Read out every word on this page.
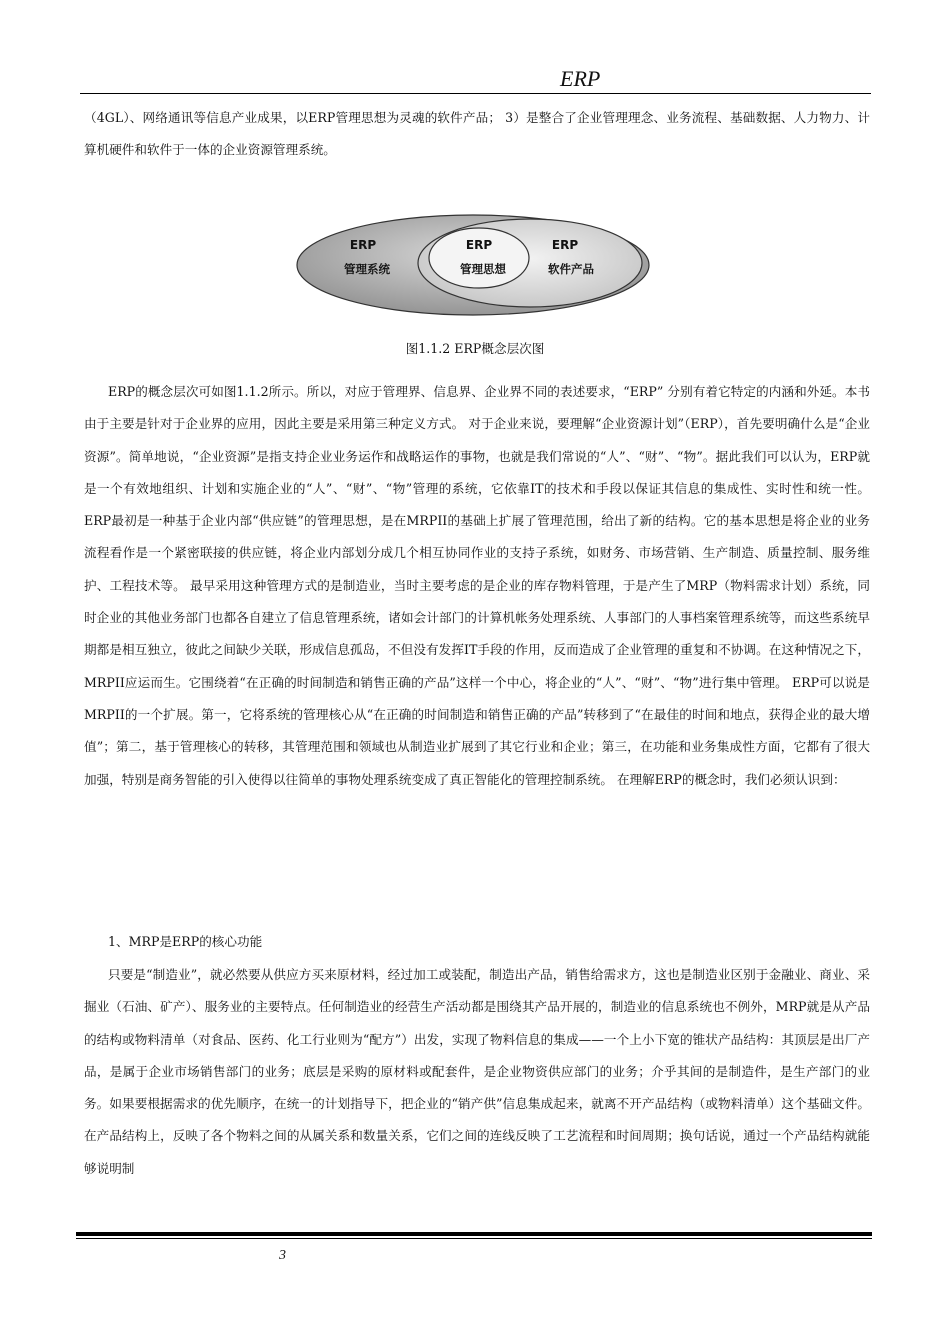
ERP
（4GL）、网络通讯等信息产业成果，以ERP管理思想为灵魂的软件产品； 3）是整合了企业管理理念、业务流程、基础数据、人力物力、计算机硬件和软件于一体的企业资源管理系统。
ERP
管理系统
ERP
管理思想
ERP
软件产品
图1.1.2 ERP概念层次图
ERP的概念层次可如图1.1.2所示。所以，对应于管理界、信息界、企业界不同的表述要求，“ERP” 分别有着它特定的内涵和外延。本书由于主要是针对于企业界的应用，因此主要是采用第三种定义方式。 对于企业来说，要理解“企业资源计划”（ERP），首先要明确什么是“企业资源”。简单地说，“企业资源”是指支持企业业务运作和战略运作的事物，也就是我们常说的“人”、“财”、“物”。据此我们可以认为，ERP就是一个有效地组织、计划和实施企业的“人”、“财”、“物”管理的系统，它依靠IT的技术和手段以保证其信息的集成性、实时性和统一性。 ERP最初是一种基于企业内部“供应链”的管理思想，是在MRPII的基础上扩展了管理范围，给出了新的结构。它的基本思想是将企业的业务流程看作是一个紧密联接的供应链，将企业内部划分成几个相互协同作业的支持子系统，如财务、市场营销、生产制造、质量控制、服务维护、工程技术等。 最早采用这种管理方式的是制造业，当时主要考虑的是企业的库存物料管理，于是产生了MRP（物料需求计划）系统，同时企业的其他业务部门也都各自建立了信息管理系统，诸如会计部门的计算机帐务处理系统、人事部门的人事档案管理系统等，而这些系统早期都是相互独立，彼此之间缺少关联，形成信息孤岛，不但没有发挥IT手段的作用，反而造成了企业管理的重复和不协调。在这种情况之下，MRPII应运而生。它围绕着“在正确的时间制造和销售正确的产品”这样一个中心，将企业的“人”、“财”、“物”进行集中管理。 ERP可以说是MRPII的一个扩展。第一，它将系统的管理核心从“在正确的时间制造和销售正确的产品”转移到了“在最佳的时间和地点，获得企业的最大增值”；第二，基于管理核心的转移，其管理范围和领域也从制造业扩展到了其它行业和企业；第三，在功能和业务集成性方面，它都有了很大加强，特别是商务智能的引入使得以往简单的事物处理系统变成了真正智能化的管理控制系统。 在理解ERP的概念时，我们必须认识到：
1、MRP是ERP的核心功能
只要是“制造业”，就必然要从供应方买来原材料，经过加工或装配，制造出产品，销售给需求方，这也是制造业区别于金融业、商业、采掘业（石油、矿产）、服务业的主要特点。任何制造业的经营生产活动都是围绕其产品开展的，制造业的信息系统也不例外，MRP就是从产品的结构或物料清单（对食品、医药、化工行业则为“配方”）出发，实现了物料信息的集成——一个上小下宽的锥状产品结构：其顶层是出厂产品，是属于企业市场销售部门的业务；底层是采购的原材料或配套件，是企业物资供应部门的业务；介乎其间的是制造件，是生产部门的业务。如果要根据需求的优先顺序，在统一的计划指导下，把企业的“销产供”信息集成起来，就离不开产品结构（或物料清单）这个基础文件。在产品结构上，反映了各个物料之间的从属关系和数量关系，它们之间的连线反映了工艺流程和时间周期；换句话说，通过一个产品结构就能够说明制
3
